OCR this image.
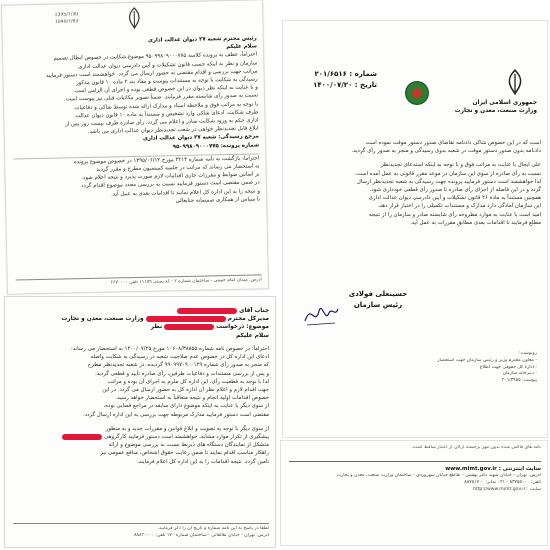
1395/7/30
1040/7/93
رئیس محترم شعبه ۲۷ دیوان عدالت اداری
سلام علیکم
احتراماً، عطف به پرونده کلاسه ۹۵۰۹۹۸۰۹۰۰۰۷۷۵ موضوع شکایت در خصوص ابطال تصمیم
سازمان و نظر به اینکه حسب قانون تشکیلات و آیین دادرسی دیوان عدالت اداری
مراتب جهت بررسی و اقدام مقتضی به حضور ارسال می گردد. خواهشمند است دستور فرمایید
رسیدگی به شکایت با توجه به مستندات پیوست و مفاد بند ۲ ماده ۱۰ قانون مذکور
و با عنایت به اینکه نظر دیوان در این خصوص قطعی بوده و اجرای آن الزامی است
نسبت به صدور رأی شایسته مقرر فرمایند. ضمناً تصویر مکاتبات قبلی نیز پیوست است.
با توجه به مراتب فوق و ملاحظه اسناد و مدارک ارائه شده توسط شاکی و دفاعیات
طرف شکایت، ادعای شاکی وارد تشخیص و مستنداً به ماده ۱۰ قانون دیوان عدالت
اداری حکم به ورود شکایت صادر و اعلام می گردد. رأی صادره ظرف بیست روز پس از
ابلاغ قابل تجدیدنظر خواهی در شعب تجدیدنظر دیوان عدالت اداری می باشد.
مرجع رسیدگی: شعبه ۲۷ دیوان عدالت اداری
شماره پرونده: ۹۵۰۹۹۸۰۹۰۰۰۷۷۵
احتراماً، بازگشت به نامه شماره ۳۲۱۴ مورخ ۱۳۹۵/۰۶/۱۲ در خصوص موضوع پرونده
به استحضار می رساند که مراتب در جلسه کمیسیون مطرح و مقرر گردید
بر اساس ضوابط و مقررات جاری اقدامات لازم صورت پذیرد و نتیجه اعلام شود.
در ضمن مقتضی است دستور فرمایید نسبت به بررسی مجدد موضوع اقدام گردد
و نتیجه را به این اداره کل اعلام نمایند تا اقدامات بعدی به عمل آید.
با سپاس از همکاری صمیمانه جنابعالی
آدرس: میدان امام خمینی - ساختمان شماره ۲ - کد پستی ۱۱۱۵۹ تلفن ۶۶۷۰۰۰۰
شماره : ۲۰۱/۶۵۱۶
تاریخ : ۱۴۰۰/۰۷/۲۰
جمهوری اسلامی ایران
وزارت صنعت، معدن و تجارت
است که در این خصوص شاکی دادنامه تقاضای صدور دستور موقت نموده است
دادنامه بدون صدور دستور موقت در شعبه بدوی رسیدگی و منجر به صدور رأی گردید.
علی ایحال با عنایت به مراتب فوق و با توجه به اینکه استدعای تجدیدنظر
نسبت به رأی صادره از سوی این سازمان در موعد مقرر قانونی به عمل آمده است،
لذا خواهشمند است دستور فرمایید پرونده جهت رسیدگی به شعبه تجدیدنظر ارسال
گردد و در این فاصله از اجرای رأی صادره تا صدور رأی قطعی خودداری شود.
همچنین مستنداً به ماده ۲۶ قانون تشکیلات و آیین دادرسی دیوان عدالت اداری
این سازمان آمادگی دارد مدارک و مستندات تکمیلی را در اختیار قرار دهد.
امید است با عنایت به موارد مطروحه رأی شایسته صادر و سازمان را از نتیجه
مطلع فرمایند تا اقدامات بعدی مطابق مقررات به عمل آید.
حسینعلی فولادی
رئیس سازمان
رونوشت:
- معاون محترم وزیر و رئیس سازمان جهت استحضار
- اداره کل حقوقی جهت اطلاع
- دبیرخانه سازمان
پیوست: ۲۰۱/۳۹۵۵
جناب آقای
مدیرکل محترم  وزارت صنعت، معدن و تجارت
موضوع: درخواست  نظر
سلام علیکم
احتراماً؛ در خصوص نامه شماره ۱۰۶۰۸/۳۸۸۵۵ مورخ ۱۴۰۰/۰۷/۲۵ به استحضار می رساند:
ادعای این اداره کل در خصوص عدم صلاحیت شعبه در رسیدگی به شکایت واصله
که منجر به صدور رأی شماره ۹۹۰۹۹۷۰۹۰۰۱۲۹ گردیده، در شعبه تجدیدنظر مطرح
و پس از بررسی مستندات و دفاعیات طرفین، رأی صادره تأیید و قطعی گردید.
لذا با توجه به قطعیت رأی، این اداره کل ملزم به اجرای آن بوده و مراتب
جهت اقدام لازم و اعلام نظر آن اداره کل به حضور ارسال می گردد. در این
خصوص اقدامات اولیه انجام و نتیجه متعاقباً به استحضار خواهد رسید.
از سوی دیگر با عنایت به اینکه موضوع دارای سابقه در مراجع قضایی بوده،
مقتضی است دستور فرمایید مدارک مربوطه جهت بررسی به این اداره ارسال گردد.
از سوی دیگر با توجه به تصویب و ابلاغ قوانین و مقررات جدید و به منظور
پیشگیری از تکرار موارد مشابه، خواهشمند است دستور فرمایید کارگروهی
متشکل از نمایندگان دستگاه های ذیربط نسبت به بررسی موضوع و ارائه
راهکار مناسب اقدام نمایند تا ضمن رعایت حقوق اشخاص، منافع عمومی نیز
تأمین گردد. نتیجه اقدامات را به این اداره کل اعلام فرمایند.
لطفاً در پاسخ به این نامه شماره و تاریخ آن را ذکر فرمایید.
آدرس: تهران - خیابان طالقانی - ساختمان شماره ۱۷۰ تلفن: ۸۸۸۲۰۰۰۰
نامه های فاکس شده بدون مهر برجسته ارگان از اعتبار ساقط است.
سایت اینترنتی : www.mimt.gov.ir
آدرس: تهران - خیابان شهید دکتر بهشتی - تقاطع خیابان سهروردی - ساختمان وزارت صنعت، معدن و تجارت
تلفن: ۸۳۷۵۵۰۰۰ - ۰۲۱ نمابر: ۸۸۷۵۱۷۰۰
سایت : http://www.mimt.gov.ir
